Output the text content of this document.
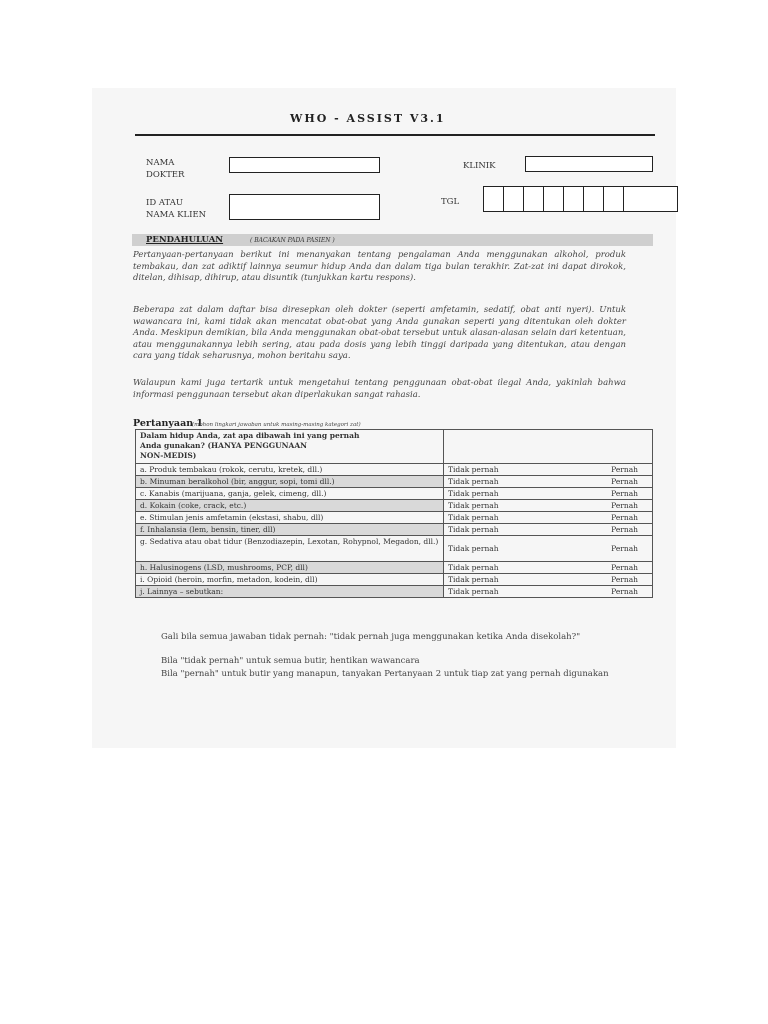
WHO - ASSIST V3.1
NAMA
DOKTER
KLINIK
ID ATAU
NAMA KLIEN
TGL
PENDAHULUAN	( BACAKAN PADA PASIEN )
Pertanyaan-pertanyaan berikut ini menanyakan tentang pengalaman Anda menggunakan alkohol, produk tembakau, dan zat adiktif lainnya seumur hidup Anda dan dalam tiga bulan terakhir. Zat-zat ini dapat dirokok, ditelan, dihisap, dihirup, atau disuntik (tunjukkan kartu respons).
Beberapa zat dalam daftar bisa diresepkan oleh dokter (seperti amfetamin, sedatif, obat anti nyeri). Untuk wawancara ini, kami tidak akan mencatat obat-obat yang Anda gunakan seperti yang ditentukan oleh dokter Anda. Meskipun demikian, bila Anda menggunakan obat-obat tersebut untuk alasan-alasan selain dari ketentuan, atau menggunakannya lebih sering, atau pada dosis yang lebih tinggi daripada yang ditentukan, atau dengan cara yang tidak seharusnya, mohon beritahu saya.
Walaupun kami juga tertarik untuk mengetahui tentang penggunaan obat-obat ilegal Anda, yakinlah bahwa informasi penggunaan tersebut akan diperlakukan sangat rahasia.
Pertanyaan 1
(mohon lingkari jawaban untuk masing-masing kategori zat)
Dalam hidup Anda, zat apa dibawah ini yang pernah
Anda gunakan? (HANYA PENGGUNAAN
NON-MEDIS)	

a. Produk tembakau (rokok, cerutu, kretek, dll.)	Tidak pernah Pernah

b. Minuman beralkohol (bir, anggur, sopi, tomi dll.)	Tidak pernah Pernah

c. Kanabis (marijuana, ganja, gelek, cimeng, dll.)	Tidak pernah Pernah

d. Kokain (coke, crack, etc.)	Tidak pernah Pernah

e. Stimulan jenis amfetamin (ekstasi, shabu, dll)	Tidak pernah Pernah

f. Inhalansia (lem, bensin, tiner, dll)	Tidak pernah Pernah

g. Sedativa atau obat tidur (Benzodiazepin, Lexotan, Rohypnol, Megadon, dll.)	Tidak pernah Pernah

h. Halusinogens (LSD, mushrooms, PCP, dll)	Tidak pernah Pernah

i. Opioid (heroin, morfin, metadon, kodein, dll)	Tidak pernah Pernah

j. Lainnya – sebutkan:	Tidak pernah Pernah
Gali bila semua jawaban tidak pernah: "tidak pernah juga menggunakan ketika Anda disekolah?"
Bila "tidak pernah" untuk semua butir, hentikan wawancara
Bila "pernah" untuk butir yang manapun, tanyakan Pertanyaan 2 untuk tiap zat yang pernah digunakan
